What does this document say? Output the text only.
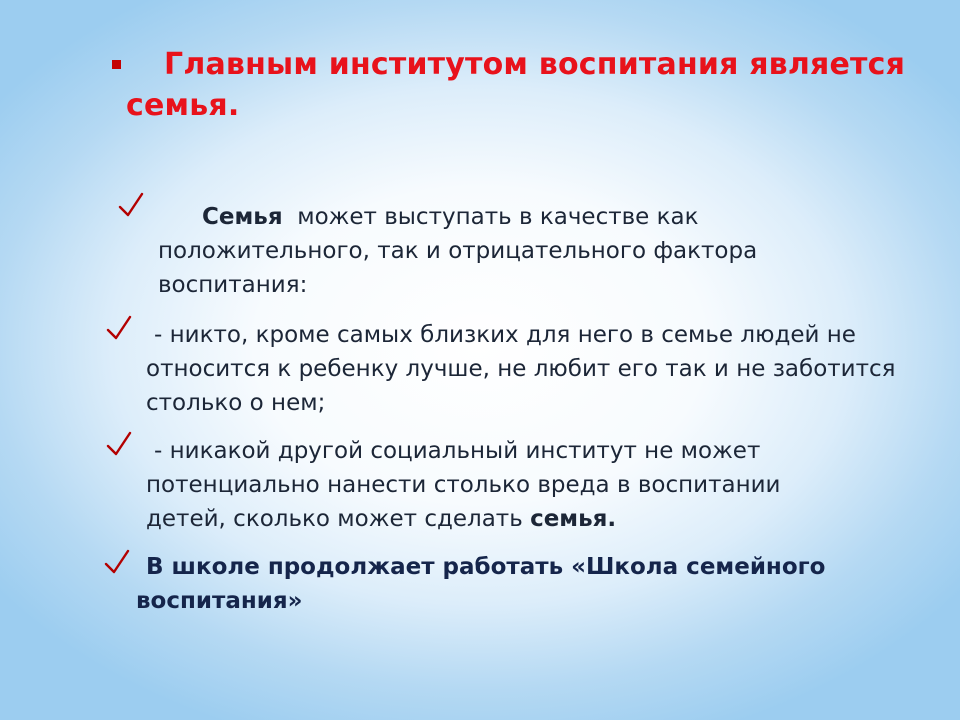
Главным институтом воспитания является семья.
Семья может выступать в качестве как положительного, так и отрицательного фактора воспитания:
- никто, кроме самых близких для него в семье людей не относится к ребенку лучше, не любит его так и не заботится столько о нем;
- никакой другой социальный институт не может потенциально нанести столько вреда в воспитании детей, сколько может сделать семья.
В школе продолжает работать «Школа семейного воспитания»
